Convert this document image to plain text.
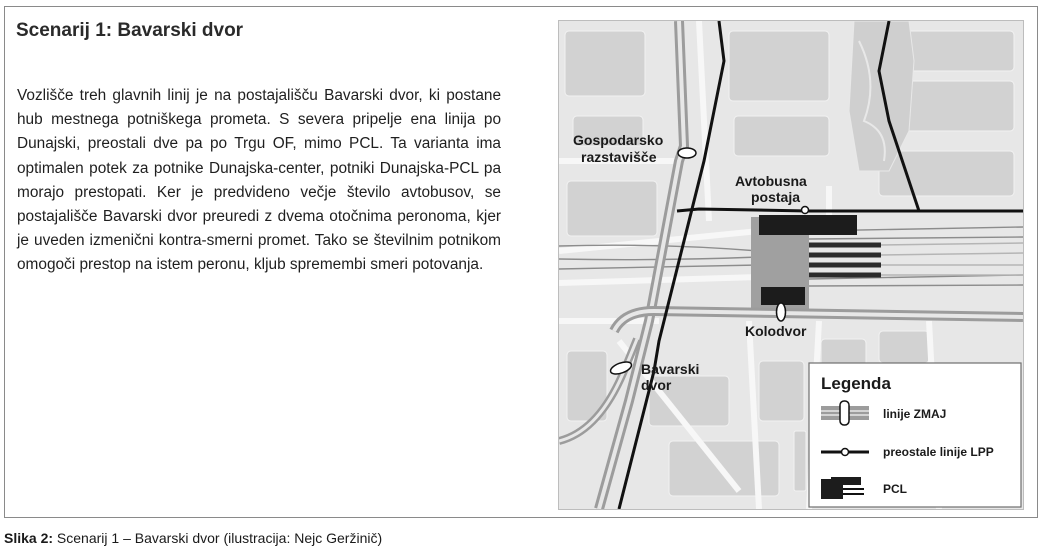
Scenarij 1: Bavarski dvor

Vozlišče treh glavnih linij je na postajališču Bavarski dvor, ki postane hub mestnega potniškega prometa. S severa pripelje ena linija po Dunajski, preostali dve pa po Trgu OF, mimo PCL. Ta varianta ima optimalen potek za potnike Dunajska-center, potniki Dunajska-PCL pa morajo prestopati. Ker je predvideno večje število avtobusov, se postajališče Bavarski dvor preuredi z dvema otočnima peronoma, kjer je uveden izmenični kontra-smerni promet. Tako se številnim potnikom omogoči prestop na istem peronu, kljub spremembi smeri potovanja.

Gospodarsko
razstavišče
Avtobusna
postaja
Kolodvor
Bavarski
dvor	Legenda
linije ZMAJ
preostale linije LPP
PCL

Slika 2: Scenarij 1 – Bavarski dvor (ilustracija: Nejc Geržinič)
